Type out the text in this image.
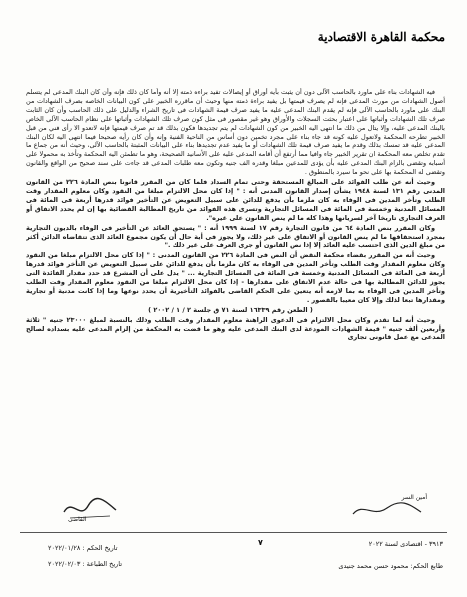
محكمة القاهرة الاقتصادية

فيه الشهادات بناء على ماورد بالحاسب الآلى دون أن يثبت بأيه أوراق أو إيصالات تفيد براءه ذمته إلا أنه وأما كان ذلك فإنه وأن كان البنك المدعى لم يتسلم أصول الشهادات من مورث المدعى فإنه لم يصرف قيمتها بل يفيد براءة ذمته منها وحيث أن ماقرره الخبير على كون البيانات الخاصه بصرف الشهادات من البنك على ماورد بالحاسب الآلى فإنه لم يقدم البنك المدعى عليه ما يفيد صرف قيمة الشهادات فى تاريخ الشراء والدليل على ذلك الحاسب وأن كان الثابت صرف تلك الشهادات وأثباتها على اعتبار بحثت السجلات والأوراق وهو غير مقصور فى مثل كون صرف تلك الشهادات وأثباتها على نظام الحاسب الآلى الخاص بالبنك المدعى عليه، وإلا يتال من ذلك ما انتهى اليه الخبير من كون الشهادات لم يتم تجديدها فكون بذلك قد تم صرف قيمتها فإنه لاتعدو الا رأى فني من قبل الخبير تطرحه المحكمة ولاتعول عليه كونه قد جاء بناء على مجرد تخمين دون أساس من الناحية الفنية وإنه وأن كان رأيه صحيحا فيما انتهى اليه لكان البنك المدعى عليه قد تمسك بذلك وقدم ما يفيد صرف قيمة تلك الشهادات أو ما يفيد عدم تجديدها بناء على البيانات المثبتة بالحاسب الآلى، وحيث أنه من جماع ما تقدم تخلص معه المحكمة ان تقرير الخبير جاء وافيا مما أرتفع أن أقامه المدعى عليه على الأسانيد الصحيحة، وهو ما تطمئن اليه المحكمة وتأخذ به محمولا على أسبابه وتقضى بالزام البنك المدعى عليه بأن يؤدى للمدعين مبلغا وقدره الف جنيه وتكون معه طلبات المدعى قد جاءت على سند صحيح من الواقع والقانون وتقضى له المحكمة بها على نحو ما سيرد بالمنطوق .

وحيث أنه عن طلب الفوائد على المبالغ المستحقة وحتى تمام السداد فلما كان من المقرر قانونا بنص المادة ٢٢٦ من القانون المدنى رقم ١٣١ لسنة ١٩٤٨ يشأن إصدار القانون المدنى أنه : " إذا كان محل الالتزام مبلغا من النقود وكان معلوم المقدار وقت الطلب وتأخر المدين فى الوفاء به كان ملزما بأن يدفع للدائن على سبيل التعويض عن التأخير فوائد قدرها أربعة فى المائة فى المسائل المدنية وخمسة فى المائة فى المسائل التجارية وتسرى هذه الفوائد من تاريخ المطالبة القضائية بها إن لم يحدد الاتفاق أو العرف التجارى تاريخا آخر لسريانها وهذا كله ما لم ينص القانون على غيره".

وكان المقرر بنص المادة ٦٤ من قانون التجارة رقم ١٧ لسنة ١٩٩٩ أنه : " يستحق العائد عن التأخير فى الوفاء بالديون التجارية بمجرد استحقاقها ما لم ينص القانون أو الاتفاق على غير ذلك، ولا يجوز فى أية حال أن يكون مجموع العائد الذى تتقاضاه الدائن أكثر من مبلغ الدين الذى احتسب عليه العائد إلا إذا نص القانون أو جرى العرف على غير ذلك ."

وحيث أنه من المقرر بقضاء محكمة النقض أن النص فى المادة ٢٢٦ من القانون المدنى : " إذا كان محل الالتزام مبلغا من النقود وكان معلوم المقدار وقت الطلب وتأخر المدين فى الوفاء به كان ملزما بأن يدفع للدائن على سبيل التعويض عن التأخر فوائد قدرها أربعة فى المائة فى المسائل المدنية وخمسة فى المائة فى المسائل التجارية ... " يدل على أن المشرع قد حدد مقدار الفائدة التى يجوز للدائن المطالبة بها فى حالة عدم الاتفاق على مقدارها - إذا كان محل الالتزام مبلغا من النقود معلوم المقدار وقت الطلب وتأخر المدين فى الوفاء به بما لازمه أنه يتعين على الحكم القاضى بالفوائد التأخيرية أن يحدد نوعها وما إذا كانت مدنية أو تجارية ومقدارها تبعا لذلك وإلا كان معيبا بالقصور .

( الطعن رقم ١٦٣٣٩ لسنة ٧١ ق جلسة ٢ / ١ / ٢٠٠٢ )

وحيث أنه لما تقدم وكان محل الالتزام فى الدعوى الراهنة معلوم المقدار وقت الطلب وذلك بالنسبة لمبلغ ٢٣٠٠٠ جنيه " ثلاثة وأربعين ألف جنيه " قيمة الشهادات المودعة لدى البنك المدعى عليه وهو ما قضت به المحكمة من إلزام المدعى عليه بسداده لصالح المدعى مع عمل قانونى تجارى

القاضى
أمين السر
٧
تاريخ الحكم : ٢٠٢٢/٠١/٢٨
تاريخ الطباعة : ٢٠٢٢/٠٢/٠٣
٣٩١٣ - اقتصادى لسنة ٢٠٢٢
طابع الحكم: محمود حسن محمد جنيدى
